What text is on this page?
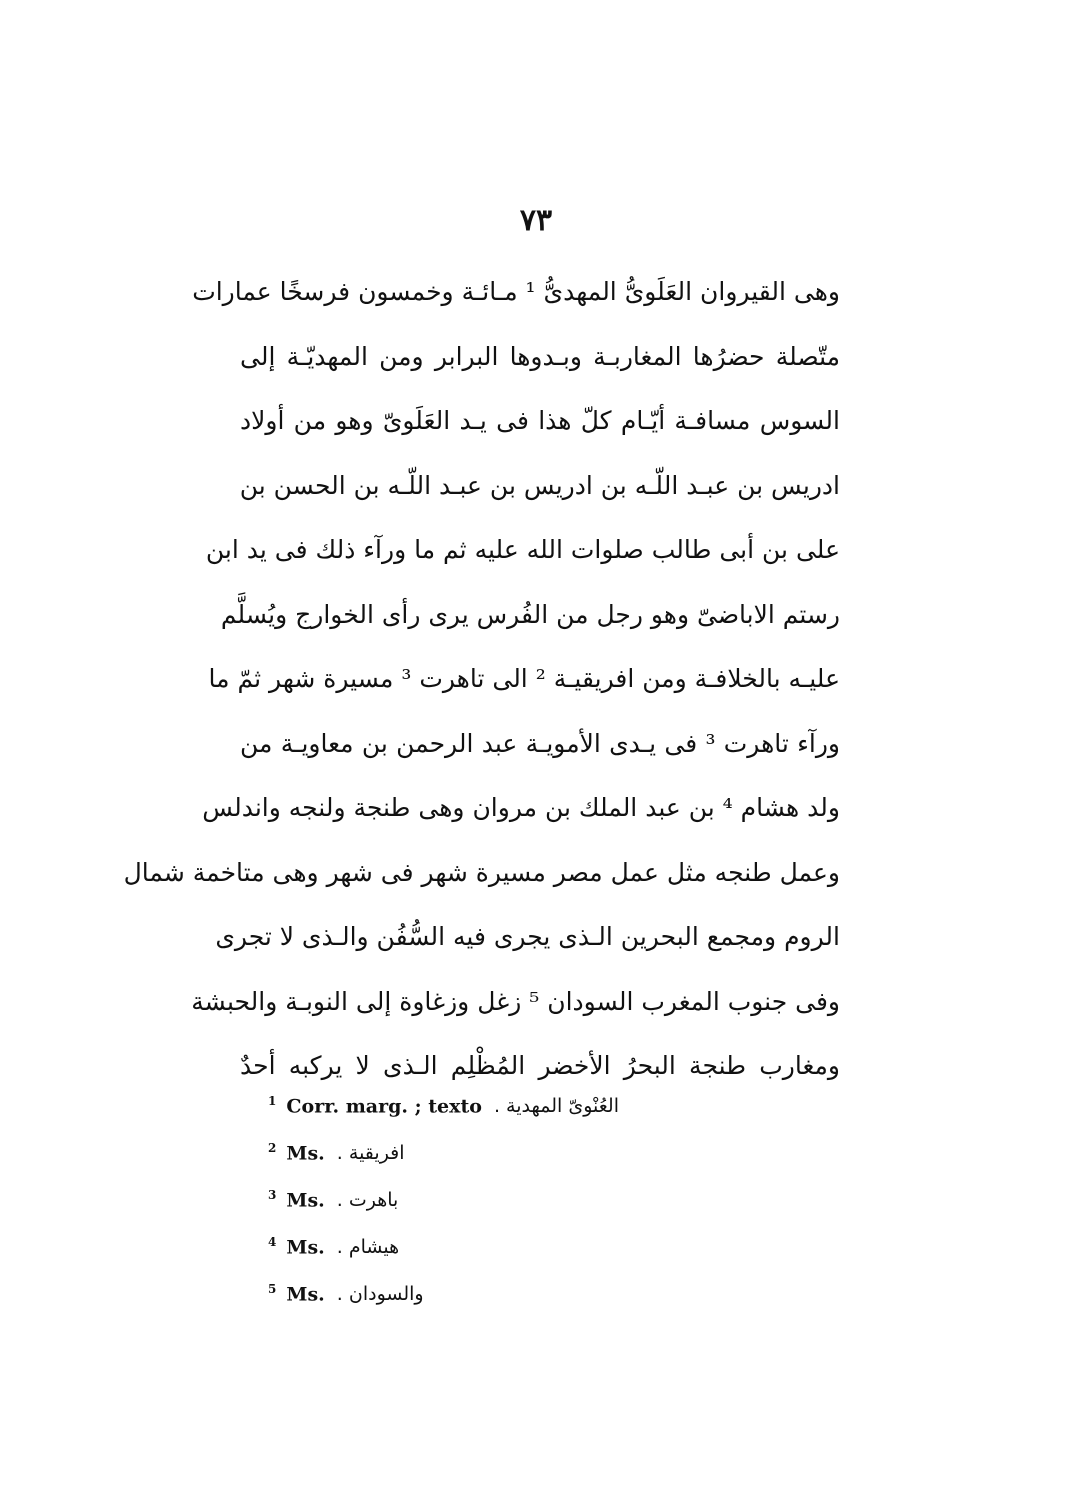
٧٣
وهى القيروان العَلَوىُّ المهدىُّ ¹ مـائـة وخمسون فرسخًا عمارات
متّصلة حضرُها المغاربـة وبـدوها البرابر ومن المهديّـة إلى
السوس مسافـة أيّـام كلّ هذا فى يـد العَلَوىّ وهو من أولاد
ادريس بن عبـد اللّـه بن ادريس بن عبـد اللّـه بن الحسن بن
على بن أبى طالب صلوات الله عليه ثم ما ورآء ذلك فى يد ابن
رستم الاباضىّ وهو رجل من الفُرس يرى رأى الخوارج ويُسلَّم
عليـه بالخلافـة ومن افريقيـة ² الى تاهرت ³ مسيرة شهر ثمّ ما
ورآء تاهرت ³ فى يـدى الأمويـة عبد الرحمن بن معاويـة من
ولد هشام ⁴ بن عبد الملك بن مروان وهى طنجة ولنجه واندلس
وعمل طنجه مثل عمل مصر مسيرة شهر فى شهر وهى متاخمة شمال
الروم ومجمع البحرين الـذى يجرى فيه السُّفُن والـذى لا تجرى
وفى جنوب المغرب السودان ⁵ زغل وزغاوة إلى النوبـة والحبشة
ومغارب طنجة البحرُ الأخضر المُظْلِم الـذى لا يركبه أحدٌ
$^1$ Corr. marg. ; texto العُنْوىّ المهدية .
$^2$ Ms. افريقية .
$^3$ Ms. باهرت .
$^4$ Ms. هيشام .
$^5$ Ms. والسودان .
